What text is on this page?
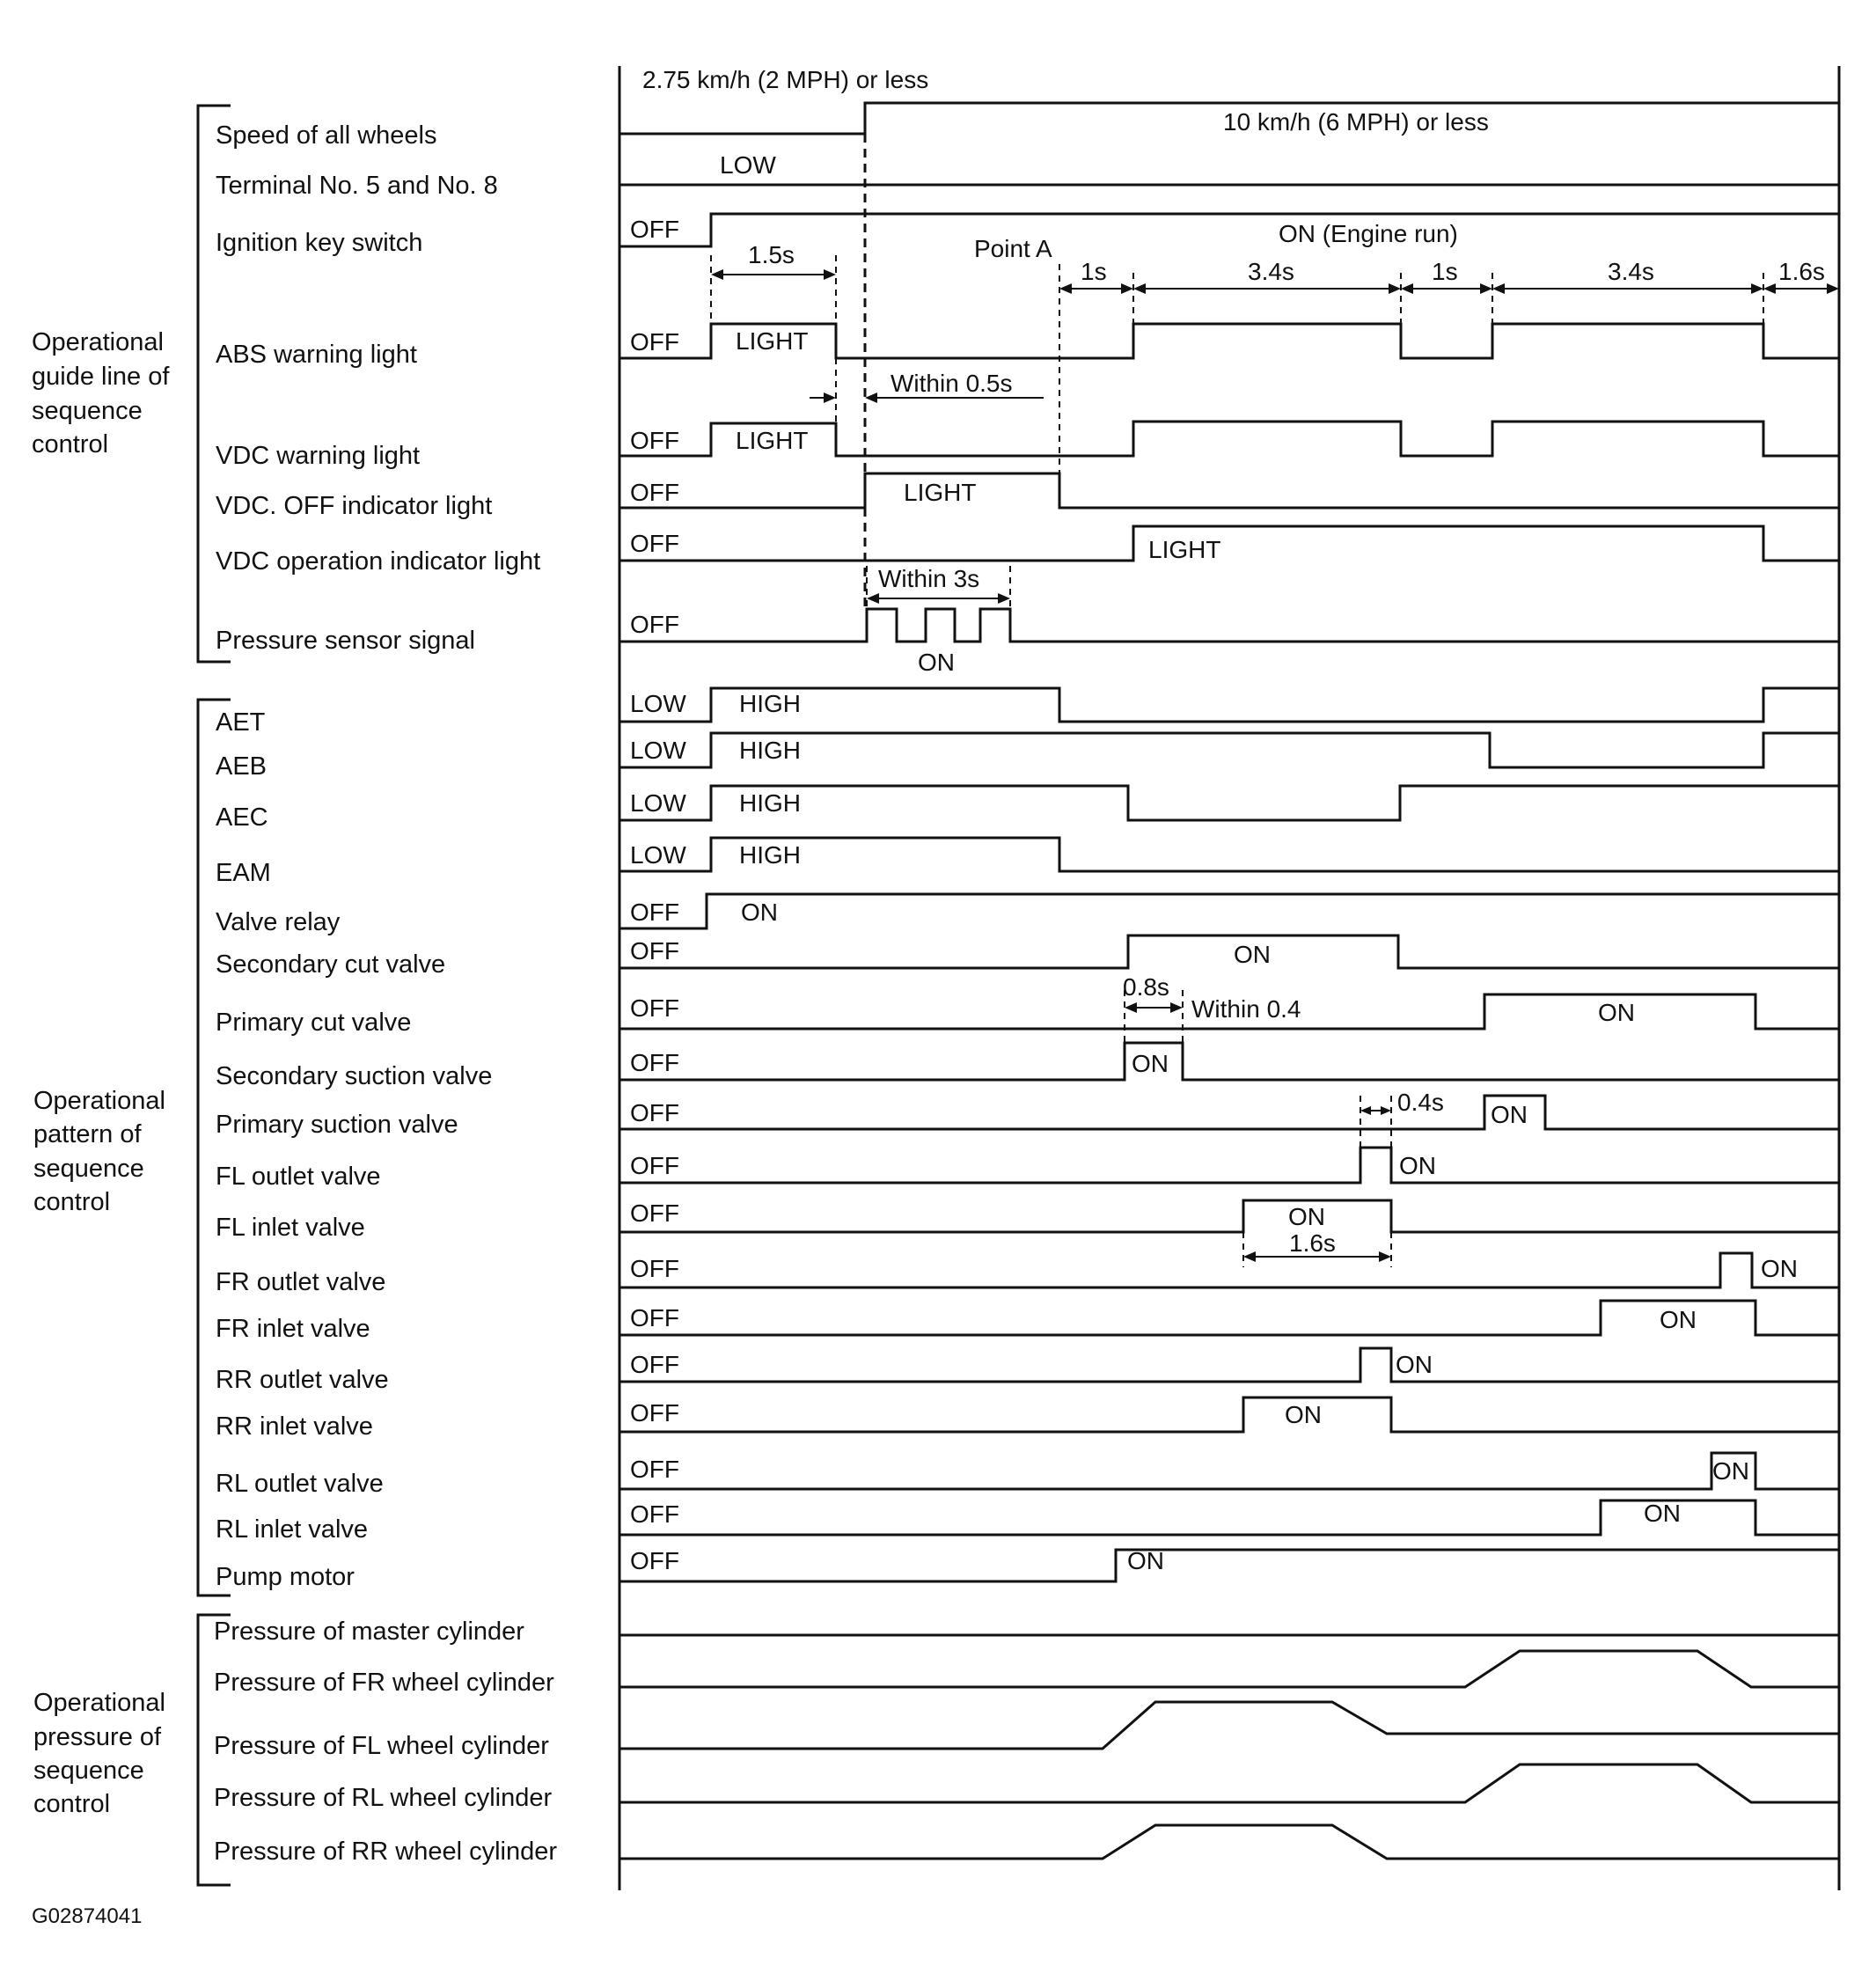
Operational guide line of sequence control
Operational pattern of sequence control
Operational pressure of sequence control
Speed of all wheels
Terminal No. 5 and No. 8
Ignition key switch
ABS warning light
VDC warning light
VDC. OFF indicator light
VDC operation indicator light
Pressure sensor signal
AET
AEB
AEC
EAM
Valve relay
Secondary cut valve
Primary cut valve
Secondary suction valve
Primary suction valve
FL outlet valve
FL inlet valve
FR outlet valve
FR inlet valve
RR outlet valve
RR inlet valve
RL outlet valve
RL inlet valve
Pump motor
Pressure of master cylinder
Pressure of FR wheel cylinder
Pressure of FL wheel cylinder
Pressure of RL wheel cylinder
Pressure of RR wheel cylinder
2.75 km/h (2 MPH) or less
10 km/h (6 MPH) or less
1.5s	Point A
1s	3.4s	1s	3.4s	1.6s
ON (Engine run)
Within 0.5s
Within 3s
0.8s
Within 0.4
0.4s
1.6s
LOW
OFF
OFF LIGHT
OFF LIGHT
OFF	LIGHT
OFF	LIGHT
OFF
ON
LOW HIGH
LOW HIGH
LOW HIGH
LOW HIGH
OFF	ON
OFF	ON
OFF	ON
OFF	ON
OFF	ON
OFF	ON
OFF	ON
OFF	ON
OFF	ON
OFF	ON
OFF	ON
OFF	ON
OFF	ON
OFF	ON
G02874041
